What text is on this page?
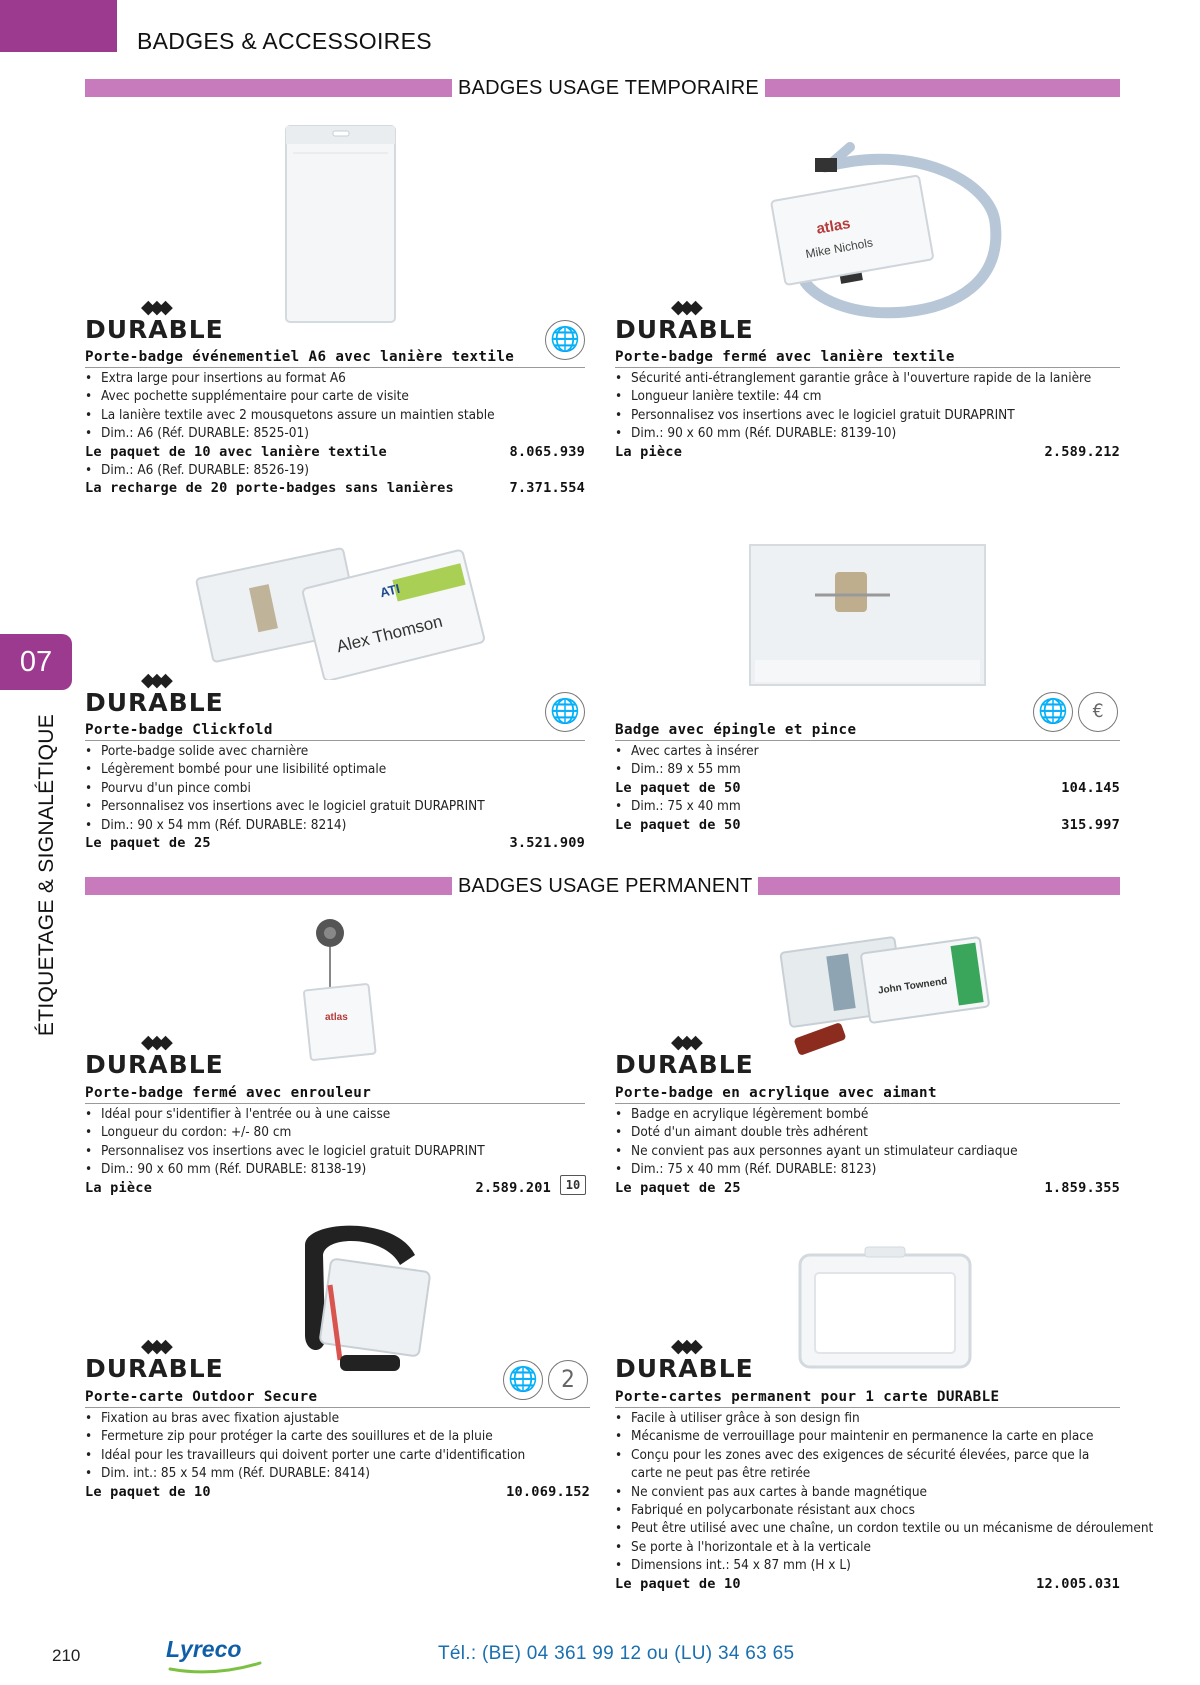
BADGES & ACCESSOIRES
BADGES USAGE TEMPORAIRE
07
ÉTIQUETAGE & SIGNALÉTIQUE
◆◆◆
DURABLE	🌐
Porte-badge événementiel A6 avec lanière textile
• Extra large pour insertions au format A6
• Avec pochette supplémentaire pour carte de visite
• La lanière textile avec 2 mousquetons assure un maintien stable
• Dim.: A6 (Réf. DURABLE: 8525-01)
Le paquet de 10 avec lanière textile	8.065.939
• Dim.: A6 (Ref. DURABLE: 8526-19)
La recharge de 20 porte-badges sans lanières	7.371.554
atlas
Mike Nichols
◆◆◆
DURABLE
Porte-badge fermé avec lanière textile
• Sécurité anti-étranglement garantie grâce à l'ouverture rapide de la lanière
• Longueur lanière textile: 44 cm
• Personnalisez vos insertions avec le logiciel gratuit DURAPRINT
• Dim.: 90 x 60 mm (Réf. DURABLE: 8139-10)
La pièce	2.589.212
ATI
Alex Thomson
◆◆◆
DURABLE	🌐
Porte-badge Clickfold
• Porte-badge solide avec charnière
• Légèrement bombé pour une lisibilité optimale
• Pourvu d'un pince combi
• Personnalisez vos insertions avec le logiciel gratuit DURAPRINT
• Dim.: 90 x 54 mm (Réf. DURABLE: 8214)
Le paquet de 25	3.521.909
🌐	€
Badge avec épingle et pince
• Avec cartes à insérer
• Dim.: 89 x 55 mm
Le paquet de 50	104.145
• Dim.: 75 x 40 mm
Le paquet de 50	315.997
BADGES USAGE PERMANENT
atlas
◆◆◆
DURABLE
Porte-badge fermé avec enrouleur
• Idéal pour s'identifier à l'entrée ou à une caisse
• Longueur du cordon: +/- 80 cm
• Personnalisez vos insertions avec le logiciel gratuit DURAPRINT
• Dim.: 90 x 60 mm (Réf. DURABLE: 8138-19)
La pièce	2.589.201	10
John Townend
◆◆◆
DURABLE
Porte-badge en acrylique avec aimant
• Badge en acrylique légèrement bombé
• Doté d'un aimant double très adhérent
• Ne convient pas aux personnes ayant un stimulateur cardiaque
• Dim.: 75 x 40 mm (Réf. DURABLE: 8123)
Le paquet de 25	1.859.355
◆◆◆
DURABLE	🌐 2
Porte-carte Outdoor Secure
• Fixation au bras avec fixation ajustable
• Fermeture zip pour protéger la carte des souillures et de la pluie
• Idéal pour les travailleurs qui doivent porter une carte d'identification
• Dim. int.: 85 x 54 mm (Réf. DURABLE: 8414)
Le paquet de 10	10.069.152
◆◆◆
DURABLE
Porte-cartes permanent pour 1 carte DURABLE
• Facile à utiliser grâce à son design fin
• Mécanisme de verrouillage pour maintenir en permanence la carte en place
• Conçu pour les zones avec des exigences de sécurité élevées, parce que la carte ne peut pas être retirée
• Ne convient pas aux cartes à bande magnétique
• Fabriqué en polycarbonate résistant aux chocs
• Peut être utilisé avec une chaîne, un cordon textile ou un mécanisme de déroulement
• Se porte à l'horizontale et à la verticale
• Dimensions int.: 54 x 87 mm (H x L)
Le paquet de 10	12.005.031
210	Lyreco	Tél.: (BE) 04 361 99 12 ou (LU) 34 63 65
